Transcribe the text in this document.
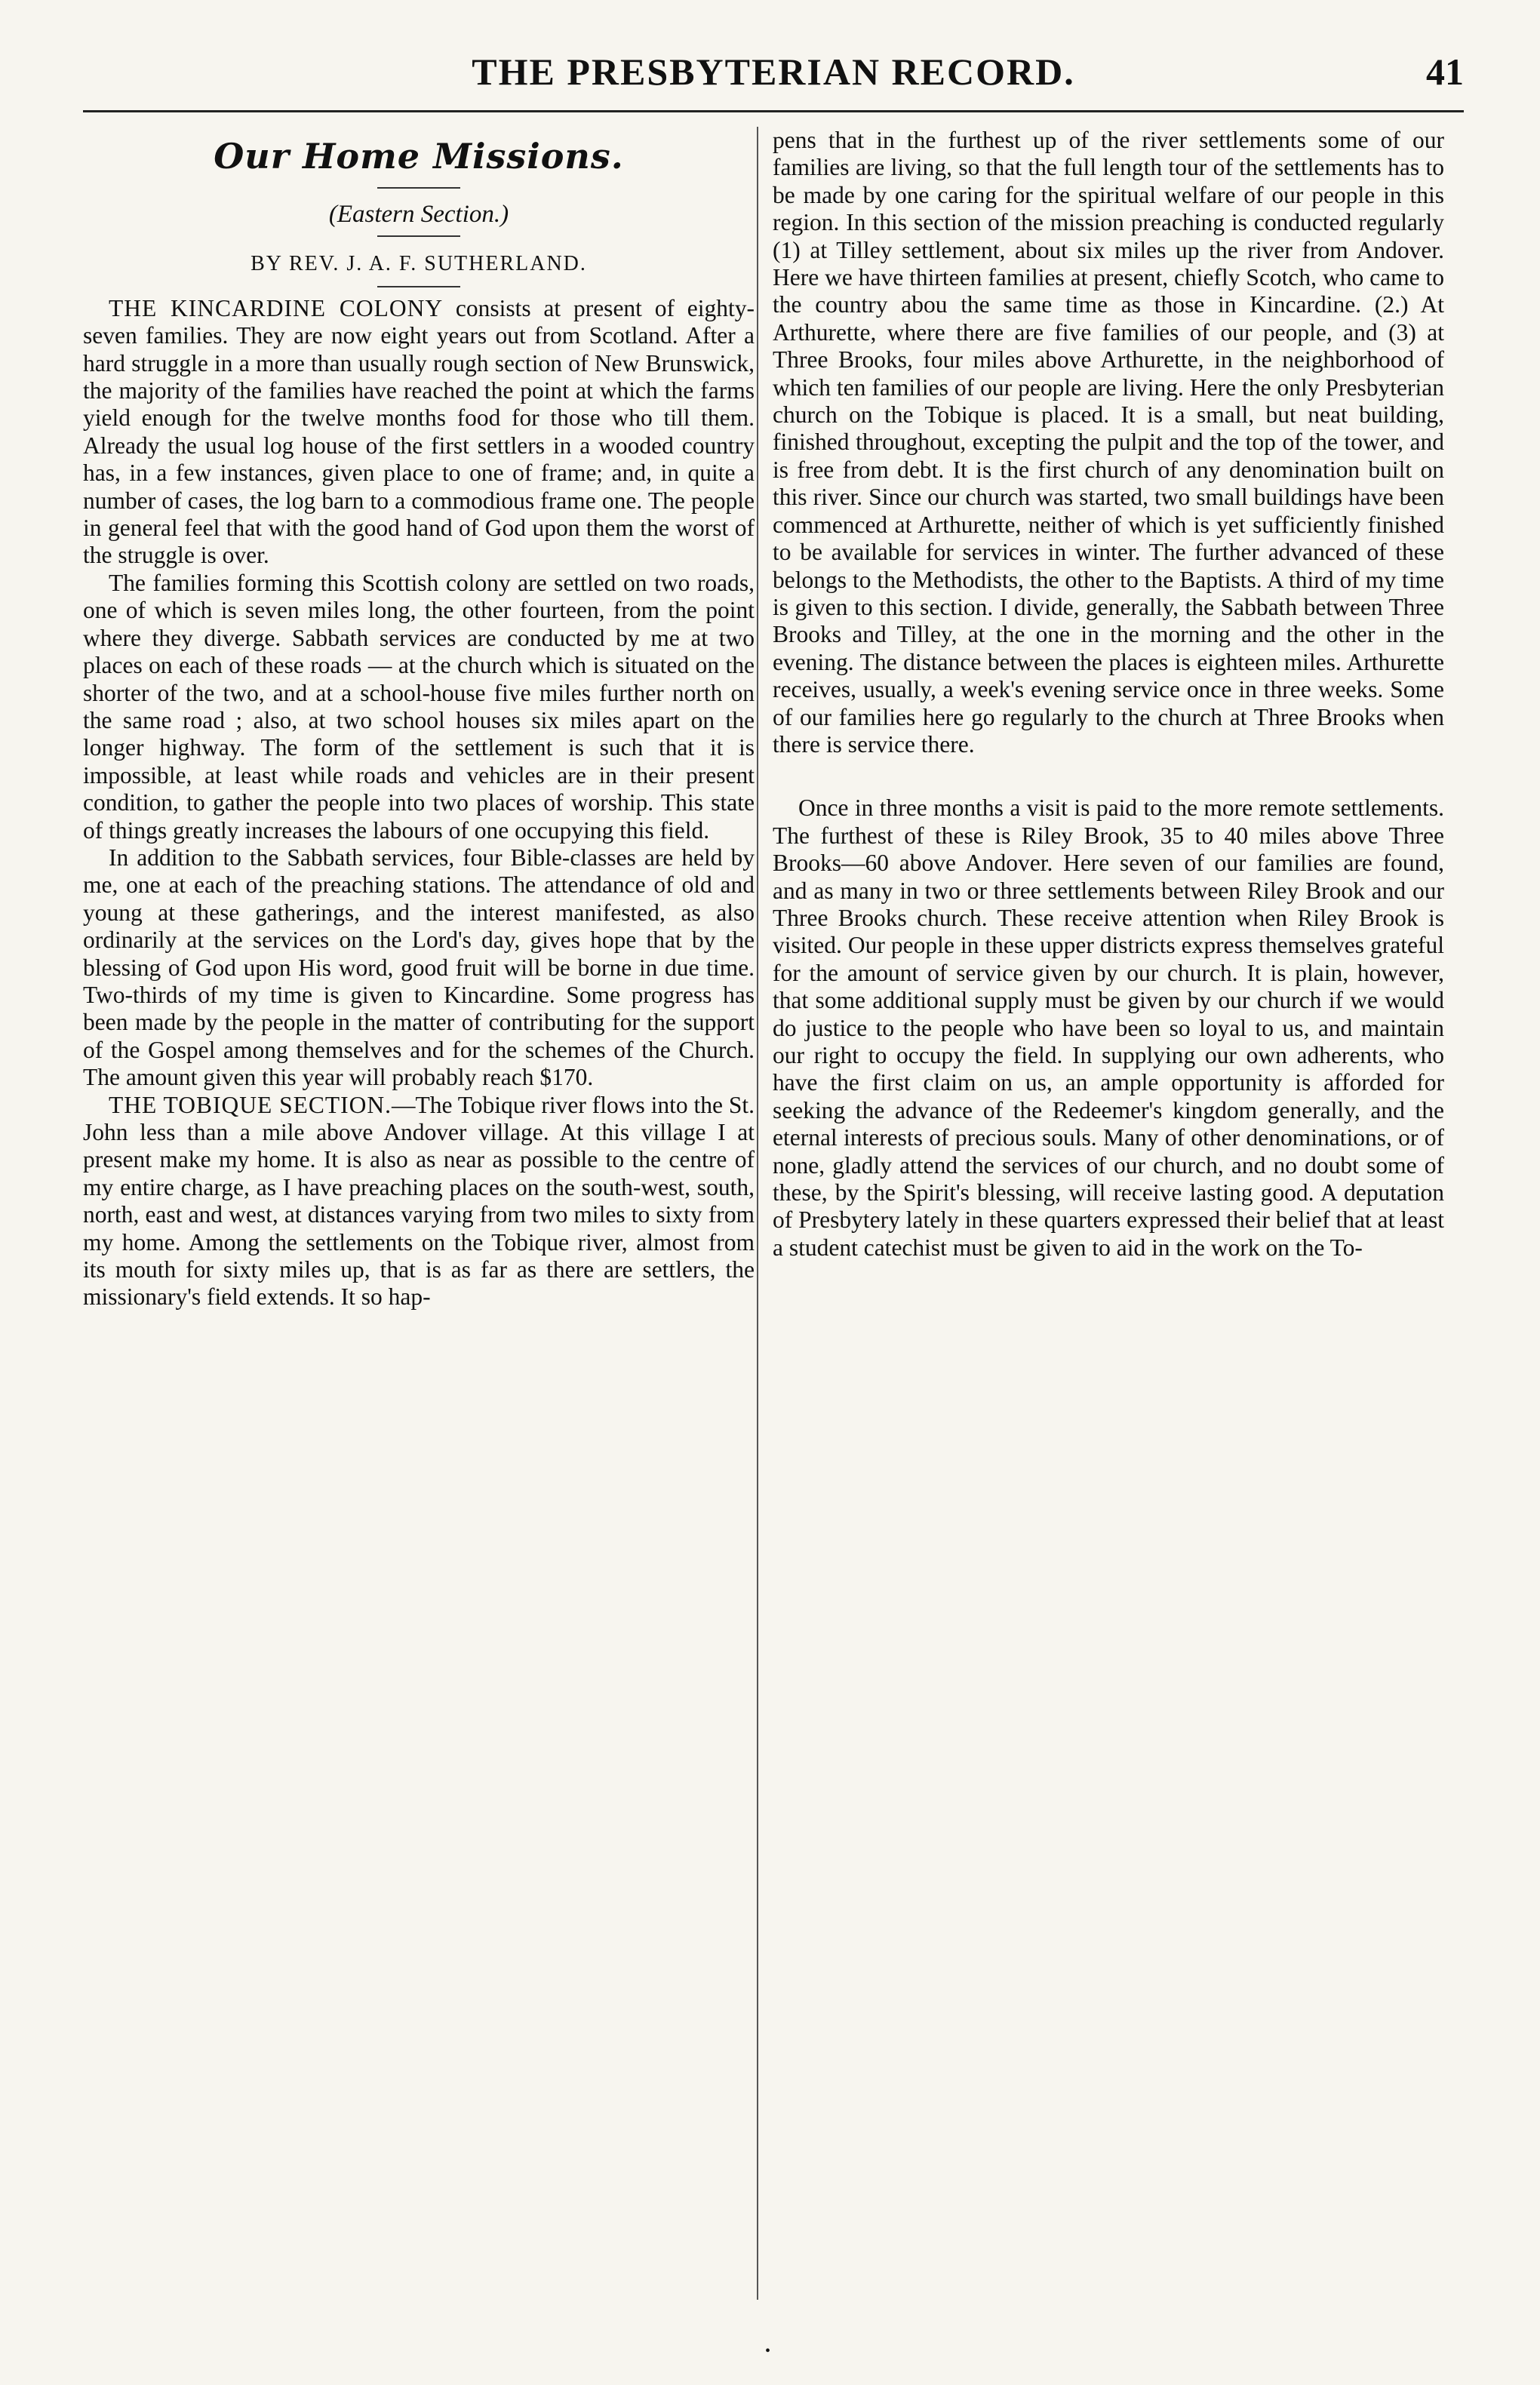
THE PRESBYTERIAN RECORD.	41
Our Home Missions.
(Eastern Section.)
BY REV. J. A. F. SUTHERLAND.

THE KINCARDINE COLONY consists at present of eighty-seven families. They are now eight years out from Scotland. After a hard struggle in a more than usually rough section of New Brunswick, the majority of the families have reached the point at which the farms yield enough for the twelve months food for those who till them. Already the usual log house of the first settlers in a wooded country has, in a few instances, given place to one of frame; and, in quite a number of cases, the log barn to a commodious frame one. The people in general feel that with the good hand of God upon them the worst of the struggle is over.

The families forming this Scottish colony are settled on two roads, one of which is seven miles long, the other fourteen, from the point where they diverge. Sabbath services are conducted by me at two places on each of these roads — at the church which is situated on the shorter of the two, and at a school-house five miles further north on the same road ; also, at two school houses six miles apart on the longer highway. The form of the settlement is such that it is impossible, at least while roads and vehicles are in their present condition, to gather the people into two places of worship. This state of things greatly increases the labours of one occupying this field.

In addition to the Sabbath services, four Bible-classes are held by me, one at each of the preaching stations. The attendance of old and young at these gatherings, and the interest manifested, as also ordinarily at the services on the Lord's day, gives hope that by the blessing of God upon His word, good fruit will be borne in due time. Two-thirds of my time is given to Kincardine. Some progress has been made by the people in the matter of contributing for the support of the Gospel among themselves and for the schemes of the Church. The amount given this year will probably reach $170.

THE TOBIQUE SECTION.—The Tobique river flows into the St. John less than a mile above Andover village. At this village I at present make my home. It is also as near as possible to the centre of my entire charge, as I have preaching places on the south-west, south, north, east and west, at distances varying from two miles to sixty from my home. Among the settlements on the Tobique river, almost from its mouth for sixty miles up, that is as far as there are settlers, the missionary's field extends. It so hap-

pens that in the furthest up of the river settlements some of our families are living, so that the full length tour of the settlements has to be made by one caring for the spiritual welfare of our people in this region. In this section of the mission preaching is conducted regularly (1) at Tilley settlement, about six miles up the river from Andover. Here we have thirteen families at present, chiefly Scotch, who came to the country abou the same time as those in Kincardine. (2.) At Arthurette, where there are five families of our people, and (3) at Three Brooks, four miles above Arthurette, in the neighborhood of which ten families of our people are living. Here the only Presbyterian church on the Tobique is placed. It is a small, but neat building, finished throughout, excepting the pulpit and the top of the tower, and is free from debt. It is the first church of any denomination built on this river. Since our church was started, two small buildings have been commenced at Arthurette, neither of which is yet sufficiently finished to be available for services in winter. The further advanced of these belongs to the Methodists, the other to the Baptists. A third of my time is given to this section. I divide, generally, the Sabbath between Three Brooks and Tilley, at the one in the morning and the other in the evening. The distance between the places is eighteen miles. Arthurette receives, usually, a week's evening service once in three weeks. Some of our families here go regularly to the church at Three Brooks when there is service there.

Once in three months a visit is paid to the more remote settlements. The furthest of these is Riley Brook, 35 to 40 miles above Three Brooks—60 above Andover. Here seven of our families are found, and as many in two or three settlements between Riley Brook and our Three Brooks church. These receive attention when Riley Brook is visited. Our people in these upper districts express themselves grateful for the amount of service given by our church. It is plain, however, that some additional supply must be given by our church if we would do justice to the people who have been so loyal to us, and maintain our right to occupy the field. In supplying our own adherents, who have the first claim on us, an ample opportunity is afforded for seeking the advance of the Redeemer's kingdom generally, and the eternal interests of precious souls. Many of other denominations, or of none, gladly attend the services of our church, and no doubt some of these, by the Spirit's blessing, will receive lasting good. A deputation of Presbytery lately in these quarters expressed their belief that at least a student catechist must be given to aid in the work on the To-

•
